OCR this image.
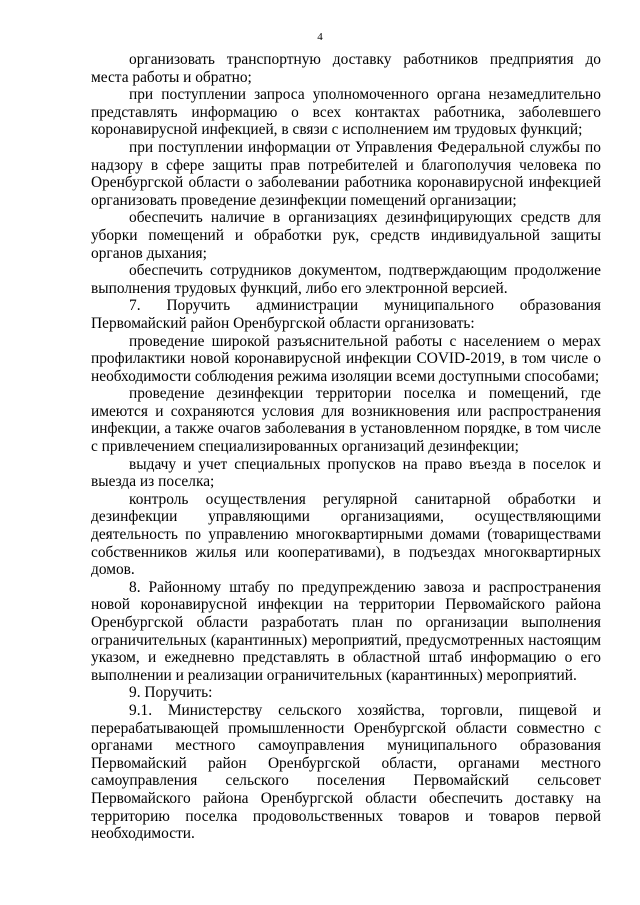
4

организовать транспортную доставку работников предприятия до места работы и обратно;

при поступлении запроса уполномоченного органа незамедлительно представлять информацию о всех контактах работника, заболевшего коронавирусной инфекцией, в связи с исполнением им трудовых функций;

при поступлении информации от Управления Федеральной службы по надзору в сфере защиты прав потребителей и благополучия человека по Оренбургской области о заболевании работника коронавирусной инфекцией организовать проведение дезинфекции помещений организации;

обеспечить наличие в организациях дезинфицирующих средств для уборки помещений и обработки рук, средств индивидуальной защиты органов дыхания;

обеспечить сотрудников документом, подтверждающим продолжение выполнения трудовых функций, либо его электронной версией.

7. Поручить администрации муниципального образования Первомайский район Оренбургской области организовать:

проведение широкой разъяснительной работы с населением о мерах профилактики новой коронавирусной инфекции COVID-2019, в том числе о необходимости соблюдения режима изоляции всеми доступными способами;

проведение дезинфекции территории поселка и помещений, где имеются и сохраняются условия для возникновения или распространения инфекции, а также очагов заболевания в установленном порядке, в том числе с привлечением специализированных организаций дезинфекции;

выдачу и учет специальных пропусков на право въезда в поселок и выезда из поселка;

контроль осуществления регулярной санитарной обработки и дезинфекции управляющими организациями, осуществляющими деятельность по управлению многоквартирными домами (товариществами собственников жилья или кооперативами), в подъездах многоквартирных домов.

8. Районному штабу по предупреждению завоза и распространения новой коронавирусной инфекции на территории Первомайского района Оренбургской области разработать план по организации выполнения ограничительных (карантинных) мероприятий, предусмотренных настоящим указом, и ежедневно представлять в областной штаб информацию о его выполнении и реализации ограничительных (карантинных) мероприятий.

9. Поручить:

9.1. Министерству сельского хозяйства, торговли, пищевой и перерабатывающей промышленности Оренбургской области совместно с органами местного самоуправления муниципального образования Первомайский район Оренбургской области, органами местного самоуправления сельского поселения Первомайский сельсовет Первомайского района Оренбургской области обеспечить доставку на территорию поселка продовольственных товаров и товаров первой необходимости.
